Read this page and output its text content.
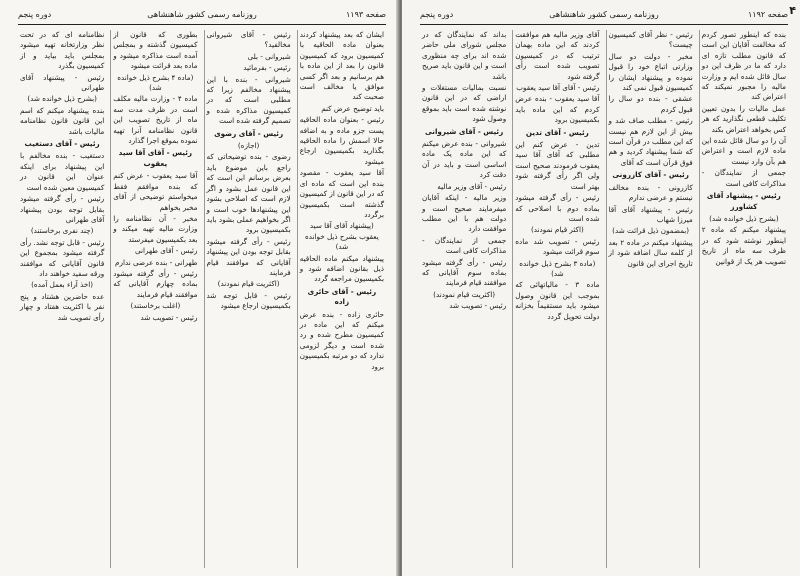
صفحه ۱۱۹۳
روزنامه رسمی کشور شاهنشاهی
دوره پنجم

ایشان که بعد پیشنهاد کردند بعنوان ماده الحاقیه با کمیسیون برود که کمیسیون قانون را بعد از این ماده با هم برسانیم و بعد اگر کسی موافق یا مخالف است صحبت کند

باید توضیح عرض کنم

رئیس - بعنوان ماده الحاقیه پست جزو ماده و به اضافه حالا اسمش را ماده الحاقیه بگذارید بکمیسیون ارجاع میشود

آقا سید یعقوب - مقصود بنده این است که ماده ای که در این قانون از کمیسیون گذشته است بکمیسیون برگردد

(پیشنهاد آقای آقا سید یعقوب بشرح ذیل خوانده شد)

پیشنهاد میکنم ماده الحاقیه ذیل بقانون اضافه شود و بکمیسیون مراجعه گردد

رئیس - آقای حائری زاده

حائری زاده - بنده عرض میکنم که این ماده در کمیسیون مطرح شده و رد شده است و دیگر لزومی ندارد که دو مرتبه بکمیسیون برود

رئیس - آقای شیروانی مخالفید؟

شیروانی - بلی

رئیس - بفرمائید

شیروانی - بنده با این پیشنهاد مخالفم زیرا که مطلبی است که در کمیسیون مذاکره شده و تصمیم گرفته شده است

رئیس - آقای رضوی

(اجازه)

رضوی - بنده توضیحاتی که راجع باین موضوع باید بعرض برسانم این است که این قانون عمل بشود و اگر لازم است که اصلاحی بشود این پیشنهادها خوب است و اگر بخواهیم عملی بشود باید بکمیسیون برود

رئیس - رأی گرفته میشود بقابل توجه بودن این پیشنهاد آقایانی که موافقند قیام فرمایند

(اکثریت قیام نمودند)

رئیس - قابل توجه شد بکمیسیون ارجاع میشود

بطوری که قانون از کمیسیون گذشته و بمجلس آمده است مذاکره میشود و ماده بعد قرائت میشود

(ماده ۴ بشرح ذیل خوانده شد)

ماده ۴ - وزارت مالیه مکلف است در ظرف مدت سه ماه از تاریخ تصویب این قانون نظامنامه آنرا تهیه نموده بموقع اجرا گذارد

رئیس - آقای آقا سید یعقوب

آقا سید یعقوب - عرض کنم که بنده موافقم فقط میخواستم توضیحی از آقای مخبر بخواهم

مخبر - آن نظامنامه را وزارت مالیه تهیه میکند و بعد بکمیسیون میفرستد

رئیس - آقای طهرانی

طهرانی - بنده عرضی ندارم

رئیس - رأی گرفته میشود بماده چهارم آقایانی که موافقند قیام فرمایند

(اغلب برخاستند)

رئیس - تصویب شد

نظامنامه ای که در تحت نظر وزارتخانه تهیه میشود بمجلس باید بیاید و از کمیسیون بگذرد

رئیس - پیشنهاد آقای طهرانی

(بشرح ذیل خوانده شد)

بنده پیشنهاد میکنم که اسم این قانون قانون نظامنامه مالیات باشد

رئیس - آقای دستغیب

دستغیب - بنده مخالفم با این پیشنهاد برای اینکه عنوان این قانون در کمیسیون معین شده است

رئیس - رأی گرفته میشود بقابل توجه بودن پیشنهاد آقای طهرانی

(چند نفری برخاستند)

رئیس - قابل توجه نشد. رأی گرفته میشود بمجموع این قانون آقایانی که موافقند ورقه سفید خواهند داد

(اخذ آراء بعمل آمده)

عده حاضرین هشتاد و پنج نفر با اکثریت هفتاد و چهار رأی تصویب شد

۴
صفحه ۱۱۹۲
روزنامه رسمی کشور شاهنشاهی
دوره پنجم

بنده که اینطور تصور کردم که مخالفت آقایان این است که قانون مطلب تازه ای دارد که ما در ظرف این دو سال قائل شده ایم و وزارت مالیه را مجبور نمیکند که اعتراض کند

عمل مالیات را بدون تعیین تکلیف قطعی نگذارید که هر کس بخواهد اعتراض بکند

آن را دو سال قائل شده این ماده لازم است و اعتراض هم بآن وارد نیست

جمعی از نمایندگان - مذاکرات کافی است

رئیس - پیشنهاد آقای کشاورز

(بشرح ذیل خوانده شد)

پیشنهاد میکنم که ماده ۲ اینطور نوشته شود که در ظرف سه ماه از تاریخ تصویب هر یک از قوانین

رئیس - نظر آقای کمیسیون چیست؟

مخبر - دولت دو سال وزارتی اتباع خود را قبول نموده و پیشنهاد ایشان را کمیسیون قبول نمی کند

عشقی - بنده دو سال را قبول کردم

رئیس - مطلب صاف شد و بیش از این لازم هم نیست که این مطلب در قرآن است که شما پیشنهاد کردید و هم فوق قرآن است که آقای

رئیس - آقای کازرونی

کازرونی - بنده مخالف نیستم و عرضی ندارم

رئیس - پیشنهاد آقای آقا میرزا شهاب

(بمضمون ذیل قرائت شد)

پیشنهاد میکنم در ماده ۲ بعد از کلمه سال اضافه شود از تاریخ اجرای این قانون

آقای وزیر مالیه هم موافقت کردند که این ماده بهمان ترتیب که در کمیسیون تصویب شده است رأی گرفته شود

رئیس - آقای آقا سید یعقوب

آقا سید یعقوب - بنده عرض کردم که این ماده باید بکمیسیون برود

رئیس - آقای تدین

تدین - عرض کنم این مطلبی که آقای آقا سید یعقوب فرمودند صحیح است ولی اگر رأی گرفته شود بهتر است

رئیس - رأی گرفته میشود بماده دوم با اصلاحی که شده است

(اکثر قیام نمودند)

رئیس - تصویب شد ماده سوم قرائت میشود

(ماده ۳ بشرح ذیل خوانده شد)

ماده ۳ - مالیاتهائی که بموجب این قانون وصول میشود باید مستقیماً بخزانه دولت تحویل گردد

بداند که نمایندگان که در مجلس شورای ملی حاضر شده اند برای چه منظوری است و این قانون باید صریح باشد

نسبت بمالیات مستغلات و اراضی که در این قانون نوشته شده است باید بموقع وصول شود

رئیس - آقای شیروانی

شیروانی - بنده عرض میکنم که این ماده یک ماده اساسی است و باید در آن دقت کرد

رئیس - آقای وزیر مالیه

وزیر مالیه - اینکه آقایان میفرمایند صحیح است و دولت هم با این مطلب موافقت دارد

جمعی از نمایندگان - مذاکرات کافی است

رئیس - رأی گرفته میشود بماده سوم آقایانی که موافقند قیام فرمایند

(اکثریت قیام نمودند)

رئیس - تصویب شد
